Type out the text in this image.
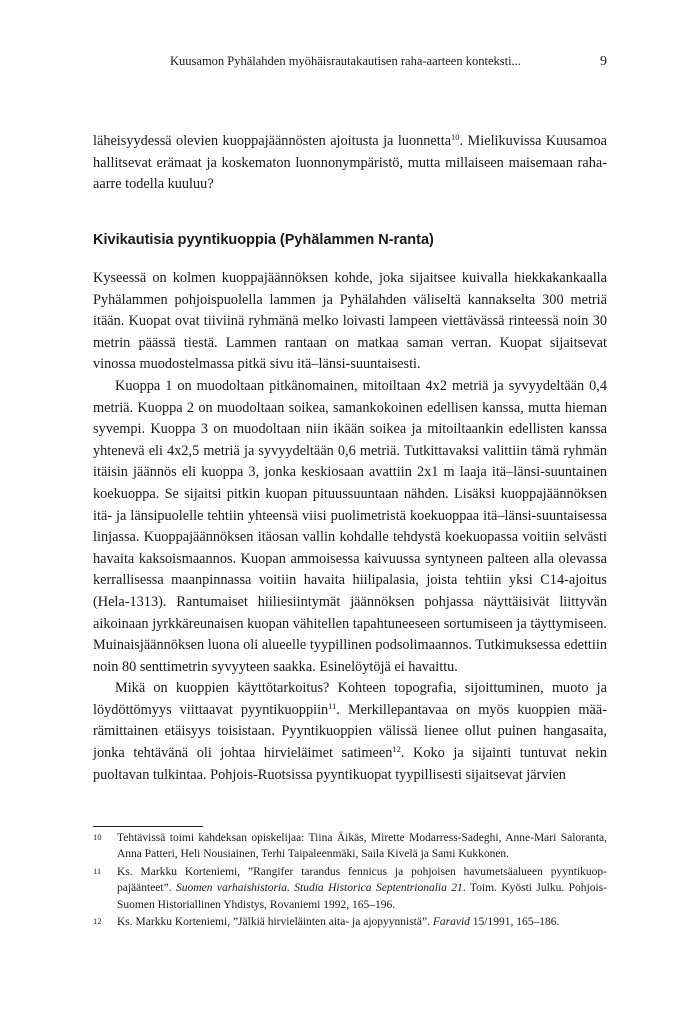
Kuusamon Pyhälahden myöhäisrautakautisen raha-aarteen konteksti...	9

läheisyydessä olevien kuoppajäännösten ajoitusta ja luonnetta$^{10}$. Mielikuvissa Kuusamoa hallitsevat erämaat ja koskematon luonnonympäristö, mutta millaiseen maisemaan raha-aarre todella kuuluu?

Kivikautisia pyyntikuoppia (Pyhälammen N-ranta)

Kyseessä on kolmen kuoppajäännöksen kohde, joka sijaitsee kuivalla hiekkakankaalla Pyhälammen pohjoispuolella lammen ja Pyhälahden väliseltä kannakselta 300 metriä itään. Kuopat ovat tiiviinä ryhmänä melko loivasti lampeen viettävässä rinteessä noin 30 metrin päässä tiestä. Lammen rantaan on matkaa saman verran. Kuopat sijaitsevat vinossa muodostelmassa pitkä sivu itä–länsi-suuntaisesti.

Kuoppa 1 on muodoltaan pitkänomainen, mitoiltaan 4x2 metriä ja syvyydeltään 0,4 metriä. Kuoppa 2 on muodoltaan soikea, samankokoinen edellisen kanssa, mutta hieman syvempi. Kuoppa 3 on muodoltaan niin ikään soikea ja mitoiltaankin edellisten kanssa yhtenevä eli 4x2,5 metriä ja syvyydeltään 0,6 metriä. Tutkittavaksi valittiin tämä ryhmän itäisin jäännös eli kuoppa 3, jonka keskiosaan avattiin 2x1 m laaja itä–länsi-suuntainen koekuoppa. Se sijaitsi pitkin kuopan pituussuuntaan nähden. Lisäksi kuoppajäännöksen itä- ja länsipuolelle tehtiin yhteensä viisi puolimetristä koekuoppaa itä–länsi-suuntaisessa linjassa. Kuoppajäännöksen itäosan vallin kohdalle tehdystä koekuopassa voitiin selvästi havaita kaksoismaannos. Kuopan ammoisessa kaivuussa syntyneen palteen alla olevassa kerrallisessa maanpinnassa voitiin havaita hiilipalasia, joista tehtiin yksi C14-ajoitus (Hela-1313). Rantumaiset hiiliesiintymät jäännöksen pohjassa näyttäisivät liittyvän aikoinaan jyrkkäreunaisen kuopan vähitellen tapahtuneeseen sortumiseen ja täyttymiseen. Muinaisjäännöksen luona oli alueelle tyypillinen podsolimaannos. Tutkimuksessa edettiin noin 80 senttimetrin syvyyteen saakka. Esinelöytöjä ei havaittu.

Mikä on kuoppien käyttötarkoitus? Kohteen topografia, sijoittuminen, muoto ja löydöttömyys viittaavat pyyntikuoppiin$^{11}$. Merkillepantavaa on myös kuoppien määrämittainen etäisyys toisistaan. Pyyntikuoppien välissä lienee ollut puinen hangasaita, jonka tehtävänä oli johtaa hirvieläimet satimeen$^{12}$. Koko ja sijainti tuntuvat nekin puoltavan tulkintaa. Pohjois-Ruotsissa pyyntikuopat tyypillisesti sijaitsevat järvien

10 Tehtävissä toimi kahdeksan opiskelijaa: Tiina Äikäs, Mirette Modarress-Sadeghi, Anne-Mari Saloranta, Anna Patteri, Heli Nousiainen, Terhi Taipaleenmäki, Saila Kivelä ja Sami Kukkonen.

11 Ks. Markku Korteniemi, ”Rangifer tarandus fennicus ja pohjoisen havumetsäalueen pyyntikuoppajäänteet”. Suomen varhaishistoria. Studia Historica Septentrionalia 21. Toim. Kyösti Julku. Pohjois-Suomen Historiallinen Yhdistys, Rovaniemi 1992, 165–196.

12 Ks. Markku Korteniemi, ”Jälkiä hirvieläinten aita- ja ajopyynnistä”. Faravid 15/1991, 165–186.
